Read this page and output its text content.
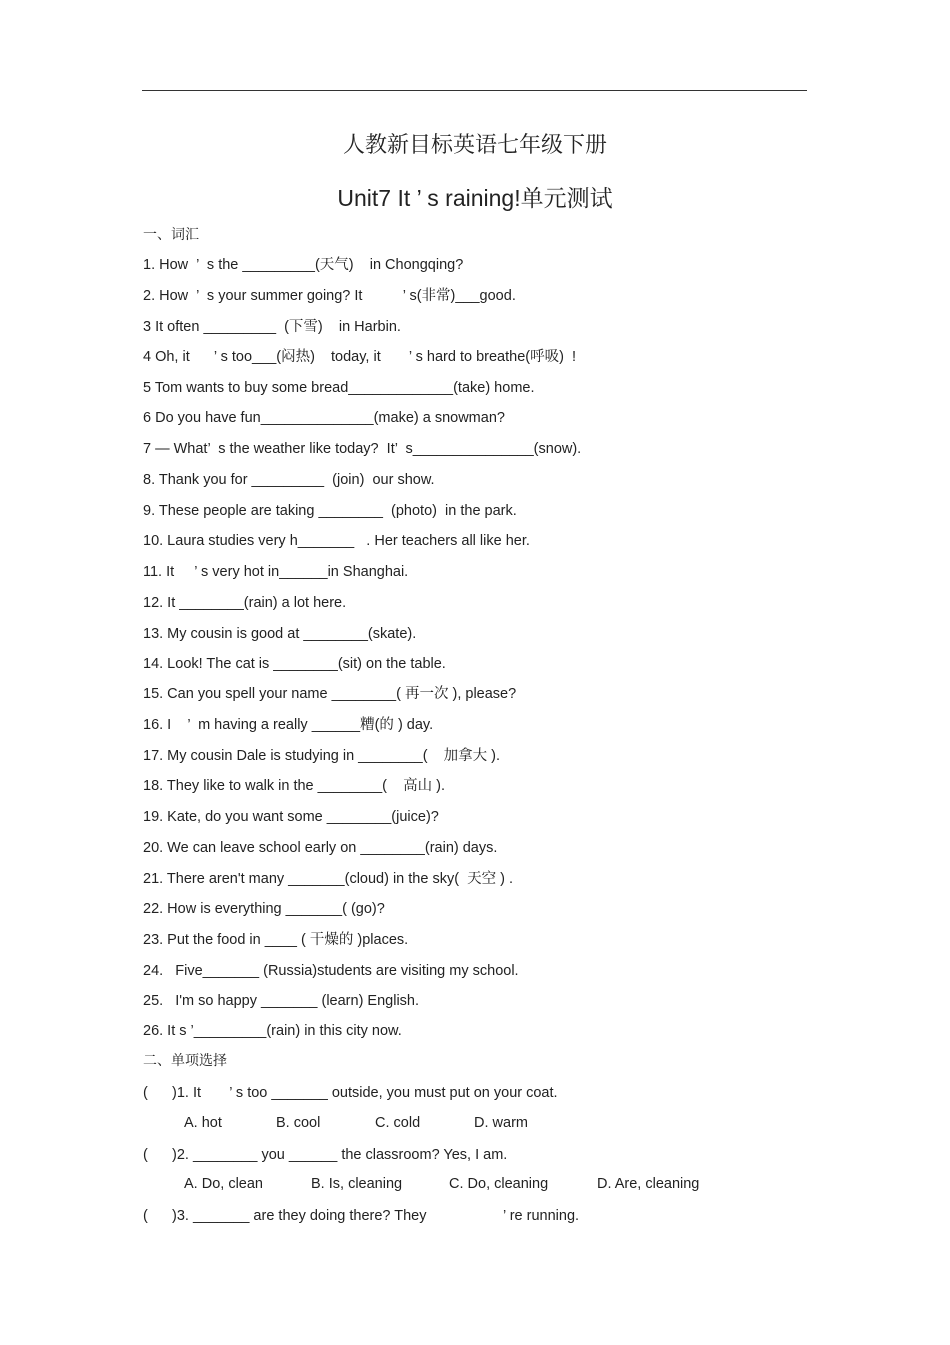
人教新目标英语七年级下册
Unit7 It ’ s raining!单元测试
一、词汇
1. How  ’  s the _________(天气)    in Chongqing?
2. How  ’  s your summer going? It          ’ s(非常)___good.
3 It often _________  (下雪)    in Harbin.
4 Oh, it      ’ s too___(闷热)    today, it       ’ s hard to breathe(呼吸)  !
5 Tom wants to buy some bread_____________(take) home.
6 Do you have fun______________(make) a snowman?
7 — What’  s the weather like today?  It’  s_______________(snow).
8. Thank you for _________  (join)  our show.
9. These people are taking ________  (photo)  in the park.
10. Laura studies very h_______   . Her teachers all like her.
11. It     ’ s very hot in______in Shanghai.
12. It ________(rain) a lot here.
13. My cousin is good at ________(skate).
14. Look! The cat is ________(sit) on the table.
15. Can you spell your name ________( 再一次 ), please?
16. I    ’  m having a really ______糟(的 ) day.
17. My cousin Dale is studying in ________(    加拿大 ).
18. They like to walk in the ________(    高山 ).
19. Kate, do you want some ________(juice)?
20. We can leave school early on ________(rain) days.
21. There aren't many _______(cloud) in the sky(  天空 ) .
22. How is everything _______( (go)?
23. Put the food in ____ ( 干燥的 )places.
24.   Five_______ (Russia)students are visiting my school.
25.   I'm so happy _______ (learn) English.
26. It s ’_________(rain) in this city now.
二、单项选择
(      )1. It       ’ s too _______ outside, you must put on your coat.
A. hot	B. cool	C. cold	D. warm
(      )2. ________ you ______ the classroom? Yes, I am.
A. Do, clean	B. Is, cleaning	C. Do, cleaning	D. Are, cleaning
(      )3. _______ are they doing there? They                   ’ re running.
